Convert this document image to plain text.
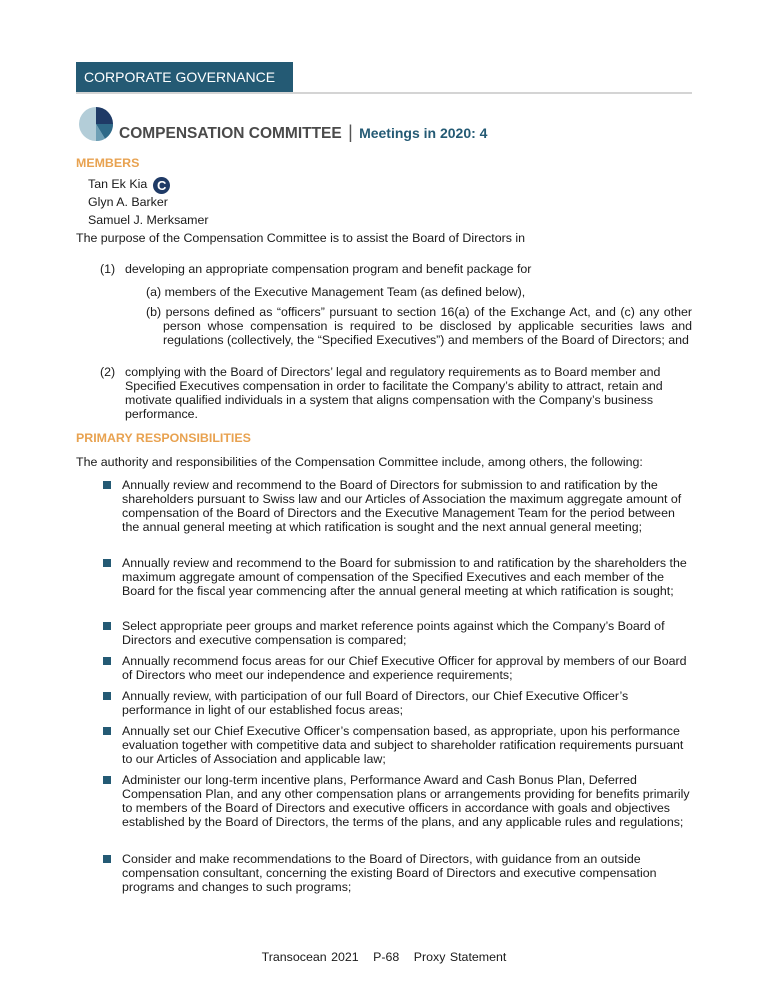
CORPORATE GOVERNANCE
COMPENSATION COMMITTEE | Meetings in 2020: 4
MEMBERS
Tan Ek Kia C
Glyn A. Barker
Samuel J. Merksamer
The purpose of the Compensation Committee is to assist the Board of Directors in
(1) developing an appropriate compensation program and benefit package for
(a) members of the Executive Management Team (as defined below),
(b) persons defined as “officers” pursuant to section 16(a) of the Exchange Act, and (c) any other person whose compensation is required to be disclosed by applicable securities laws and regulations (collectively, the “Specified Executives”) and members of the Board of Directors; and
(2) complying with the Board of Directors’ legal and regulatory requirements as to Board member and Specified Executives compensation in order to facilitate the Company’s ability to attract, retain and motivate qualified individuals in a system that aligns compensation with the Company’s business performance.
PRIMARY RESPONSIBILITIES
The authority and responsibilities of the Compensation Committee include, among others, the following:
Annually review and recommend to the Board of Directors for submission to and ratification by the shareholders pursuant to Swiss law and our Articles of Association the maximum aggregate amount of compensation of the Board of Directors and the Executive Management Team for the period between the annual general meeting at which ratification is sought and the next annual general meeting;
Annually review and recommend to the Board for submission to and ratification by the shareholders the maximum aggregate amount of compensation of the Specified Executives and each member of the Board for the fiscal year commencing after the annual general meeting at which ratification is sought;
Select appropriate peer groups and market reference points against which the Company’s Board of Directors and executive compensation is compared;
Annually recommend focus areas for our Chief Executive Officer for approval by members of our Board of Directors who meet our independence and experience requirements;
Annually review, with participation of our full Board of Directors, our Chief Executive Officer’s performance in light of our established focus areas;
Annually set our Chief Executive Officer’s compensation based, as appropriate, upon his performance evaluation together with competitive data and subject to shareholder ratification requirements pursuant to our Articles of Association and applicable law;
Administer our long-term incentive plans, Performance Award and Cash Bonus Plan, Deferred Compensation Plan, and any other compensation plans or arrangements providing for benefits primarily to members of the Board of Directors and executive officers in accordance with goals and objectives established by the Board of Directors, the terms of the plans, and any applicable rules and regulations;
Consider and make recommendations to the Board of Directors, with guidance from an outside compensation consultant, concerning the existing Board of Directors and executive compensation programs and changes to such programs;
Transocean 2021 P-68 Proxy Statement
